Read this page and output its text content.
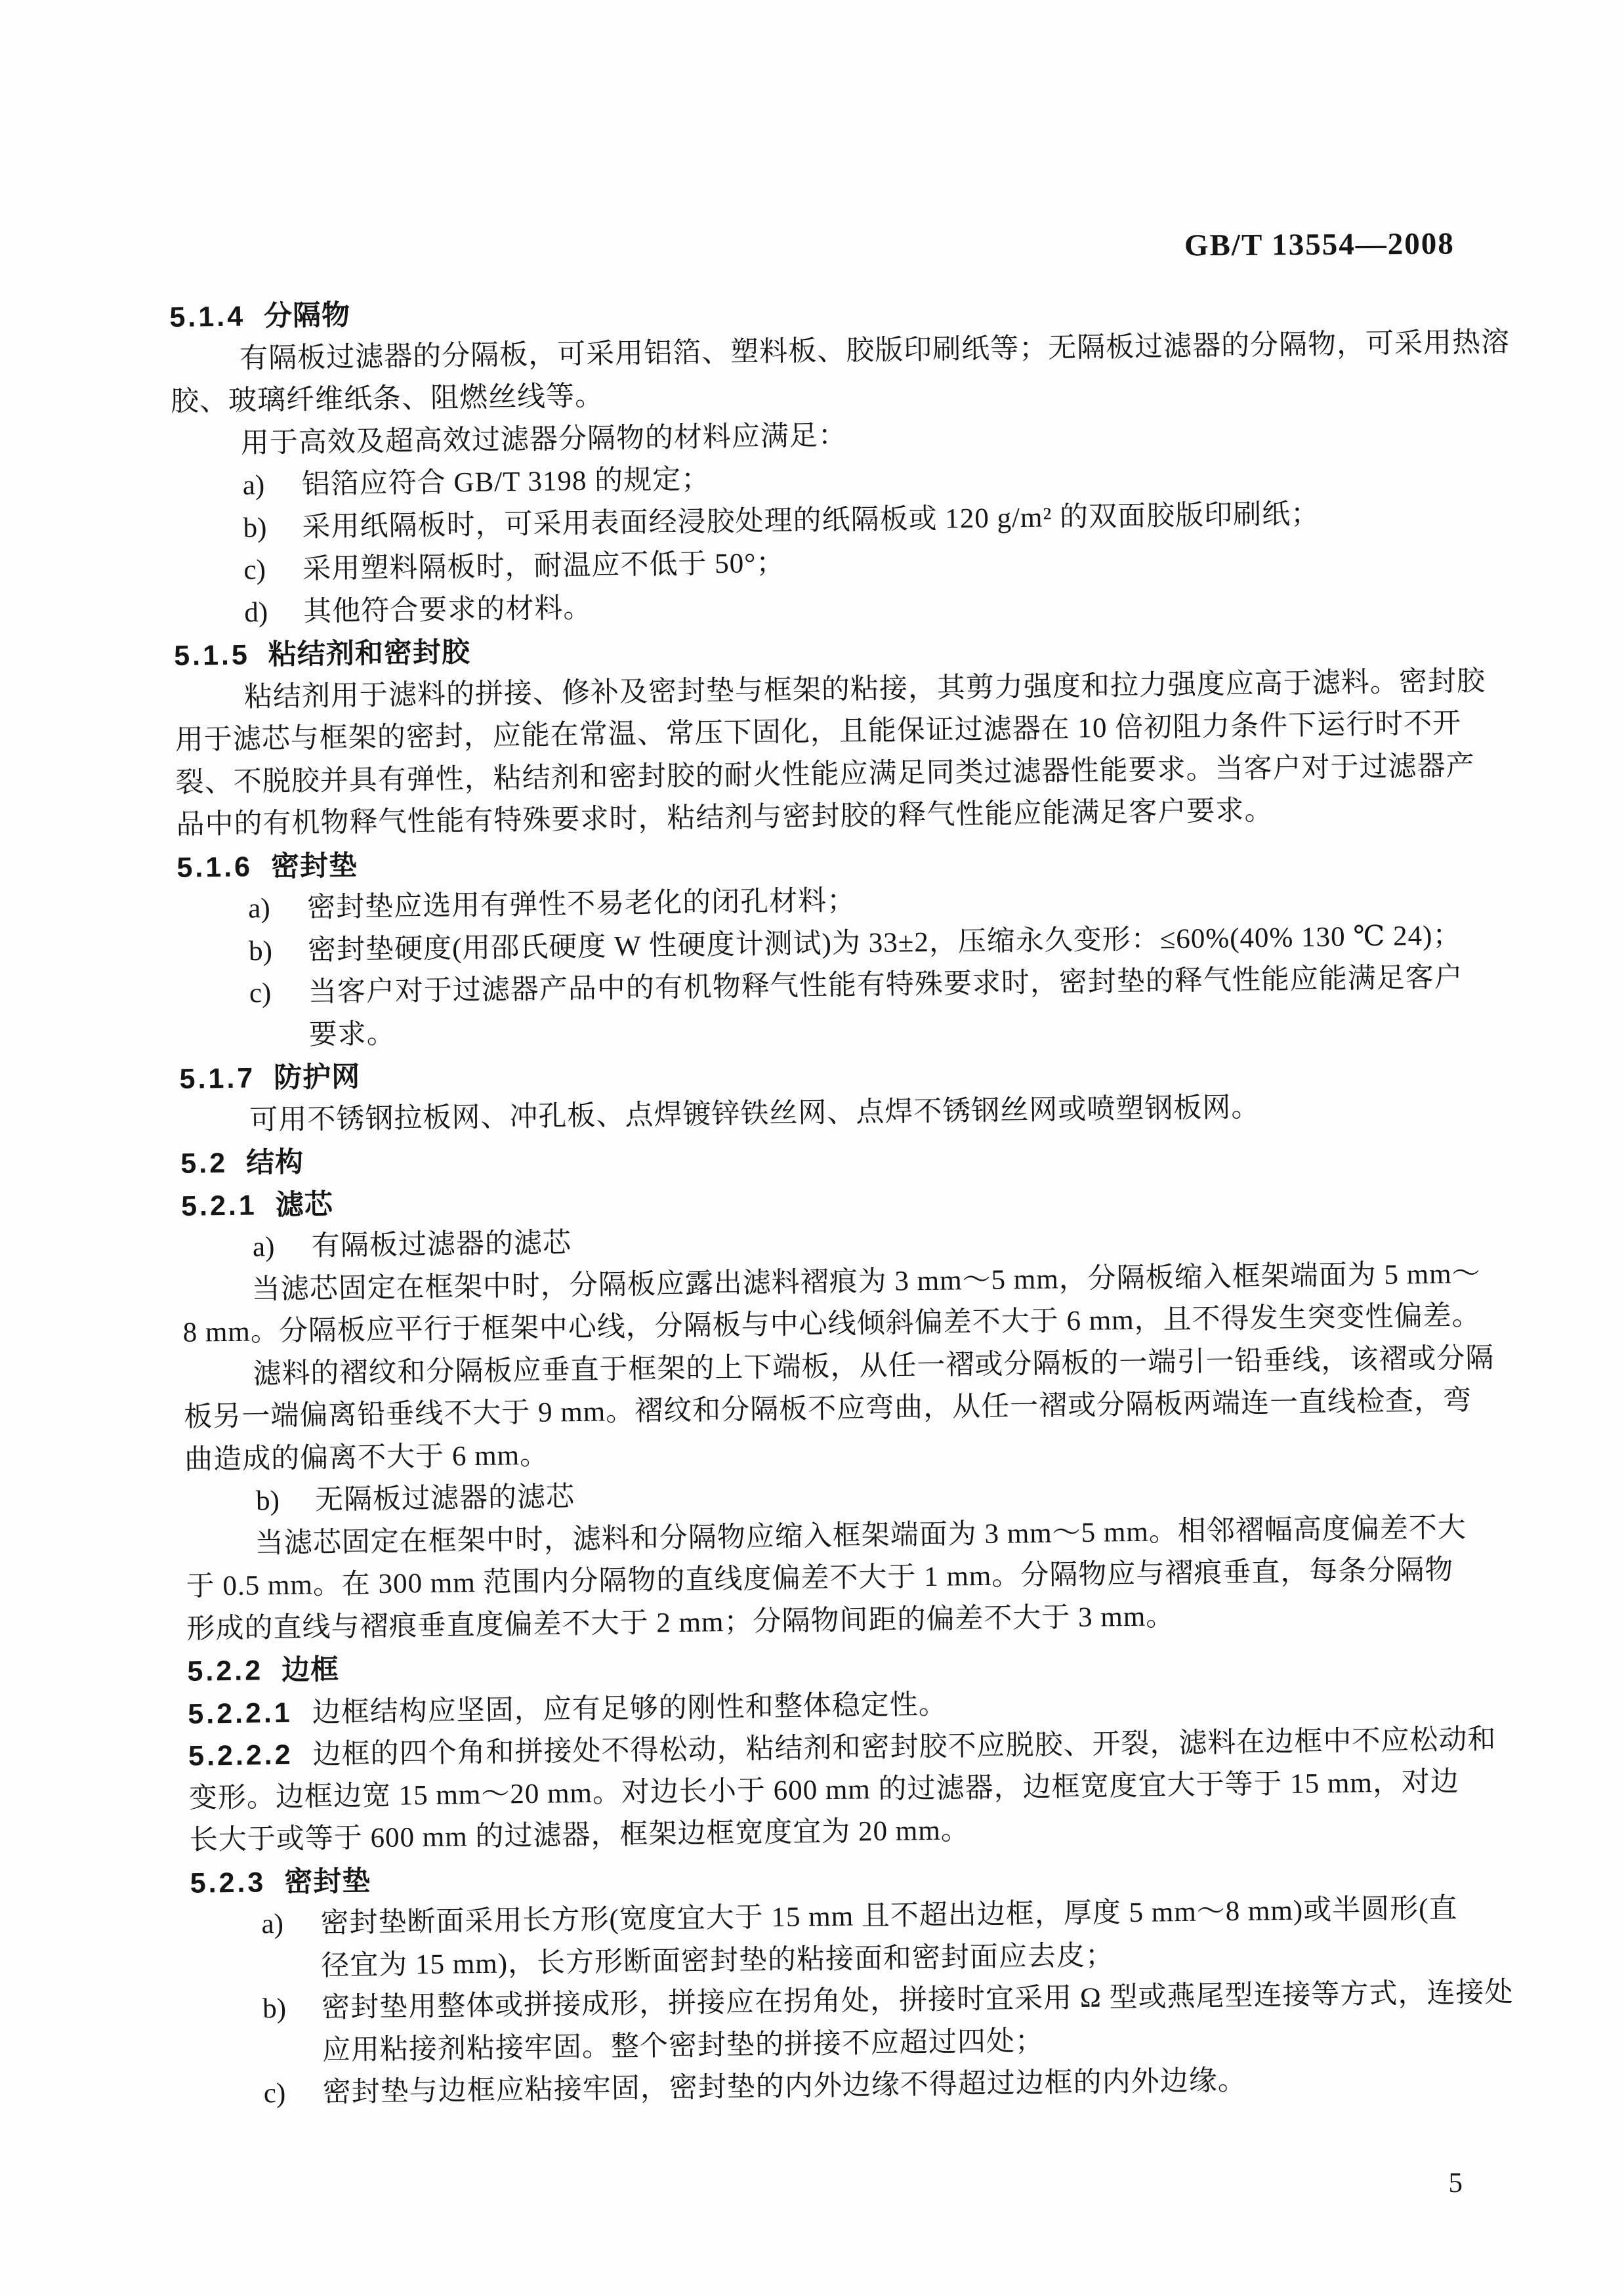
GB/T 13554—2008
5.1.4 分隔物
有隔板过滤器的分隔板，可采用铝箔、塑料板、胶版印刷纸等；无隔板过滤器的分隔物，可采用热溶
胶、玻璃纤维纸条、阻燃丝线等。
用于高效及超高效过滤器分隔物的材料应满足：
a) 铝箔应符合 GB/T 3198 的规定；
b) 采用纸隔板时，可采用表面经浸胶处理的纸隔板或 120 g/m² 的双面胶版印刷纸；
c) 采用塑料隔板时，耐温应不低于 50°；
d) 其他符合要求的材料。
5.1.5 粘结剂和密封胶
粘结剂用于滤料的拼接、修补及密封垫与框架的粘接，其剪力强度和拉力强度应高于滤料。密封胶
用于滤芯与框架的密封，应能在常温、常压下固化，且能保证过滤器在 10 倍初阻力条件下运行时不开
裂、不脱胶并具有弹性，粘结剂和密封胶的耐火性能应满足同类过滤器性能要求。当客户对于过滤器产
品中的有机物释气性能有特殊要求时，粘结剂与密封胶的释气性能应能满足客户要求。
5.1.6 密封垫
a) 密封垫应选用有弹性不易老化的闭孔材料；
b) 密封垫硬度(用邵氏硬度 W 性硬度计测试)为 33±2，压缩永久变形：≤60%(40% 130 ℃ 24)；
c) 当客户对于过滤器产品中的有机物释气性能有特殊要求时，密封垫的释气性能应能满足客户
要求。
5.1.7 防护网
可用不锈钢拉板网、冲孔板、点焊镀锌铁丝网、点焊不锈钢丝网或喷塑钢板网。
5.2 结构
5.2.1 滤芯
a) 有隔板过滤器的滤芯
当滤芯固定在框架中时，分隔板应露出滤料褶痕为 3 mm～5 mm，分隔板缩入框架端面为 5 mm～
8 mm。分隔板应平行于框架中心线，分隔板与中心线倾斜偏差不大于 6 mm，且不得发生突变性偏差。
滤料的褶纹和分隔板应垂直于框架的上下端板，从任一褶或分隔板的一端引一铅垂线，该褶或分隔
板另一端偏离铅垂线不大于 9 mm。褶纹和分隔板不应弯曲，从任一褶或分隔板两端连一直线检查，弯
曲造成的偏离不大于 6 mm。
b) 无隔板过滤器的滤芯
当滤芯固定在框架中时，滤料和分隔物应缩入框架端面为 3 mm～5 mm。相邻褶幅高度偏差不大
于 0.5 mm。在 300 mm 范围内分隔物的直线度偏差不大于 1 mm。分隔物应与褶痕垂直，每条分隔物
形成的直线与褶痕垂直度偏差不大于 2 mm；分隔物间距的偏差不大于 3 mm。
5.2.2 边框
5.2.2.1 边框结构应坚固，应有足够的刚性和整体稳定性。
5.2.2.2 边框的四个角和拼接处不得松动，粘结剂和密封胶不应脱胶、开裂，滤料在边框中不应松动和
变形。边框边宽 15 mm～20 mm。对边长小于 600 mm 的过滤器，边框宽度宜大于等于 15 mm，对边
长大于或等于 600 mm 的过滤器，框架边框宽度宜为 20 mm。
5.2.3 密封垫
a) 密封垫断面采用长方形(宽度宜大于 15 mm 且不超出边框，厚度 5 mm～8 mm)或半圆形(直
径宜为 15 mm)，长方形断面密封垫的粘接面和密封面应去皮；
b) 密封垫用整体或拼接成形，拼接应在拐角处，拼接时宜采用 Ω 型或燕尾型连接等方式，连接处
应用粘接剂粘接牢固。整个密封垫的拼接不应超过四处；
c) 密封垫与边框应粘接牢固，密封垫的内外边缘不得超过边框的内外边缘。
5
